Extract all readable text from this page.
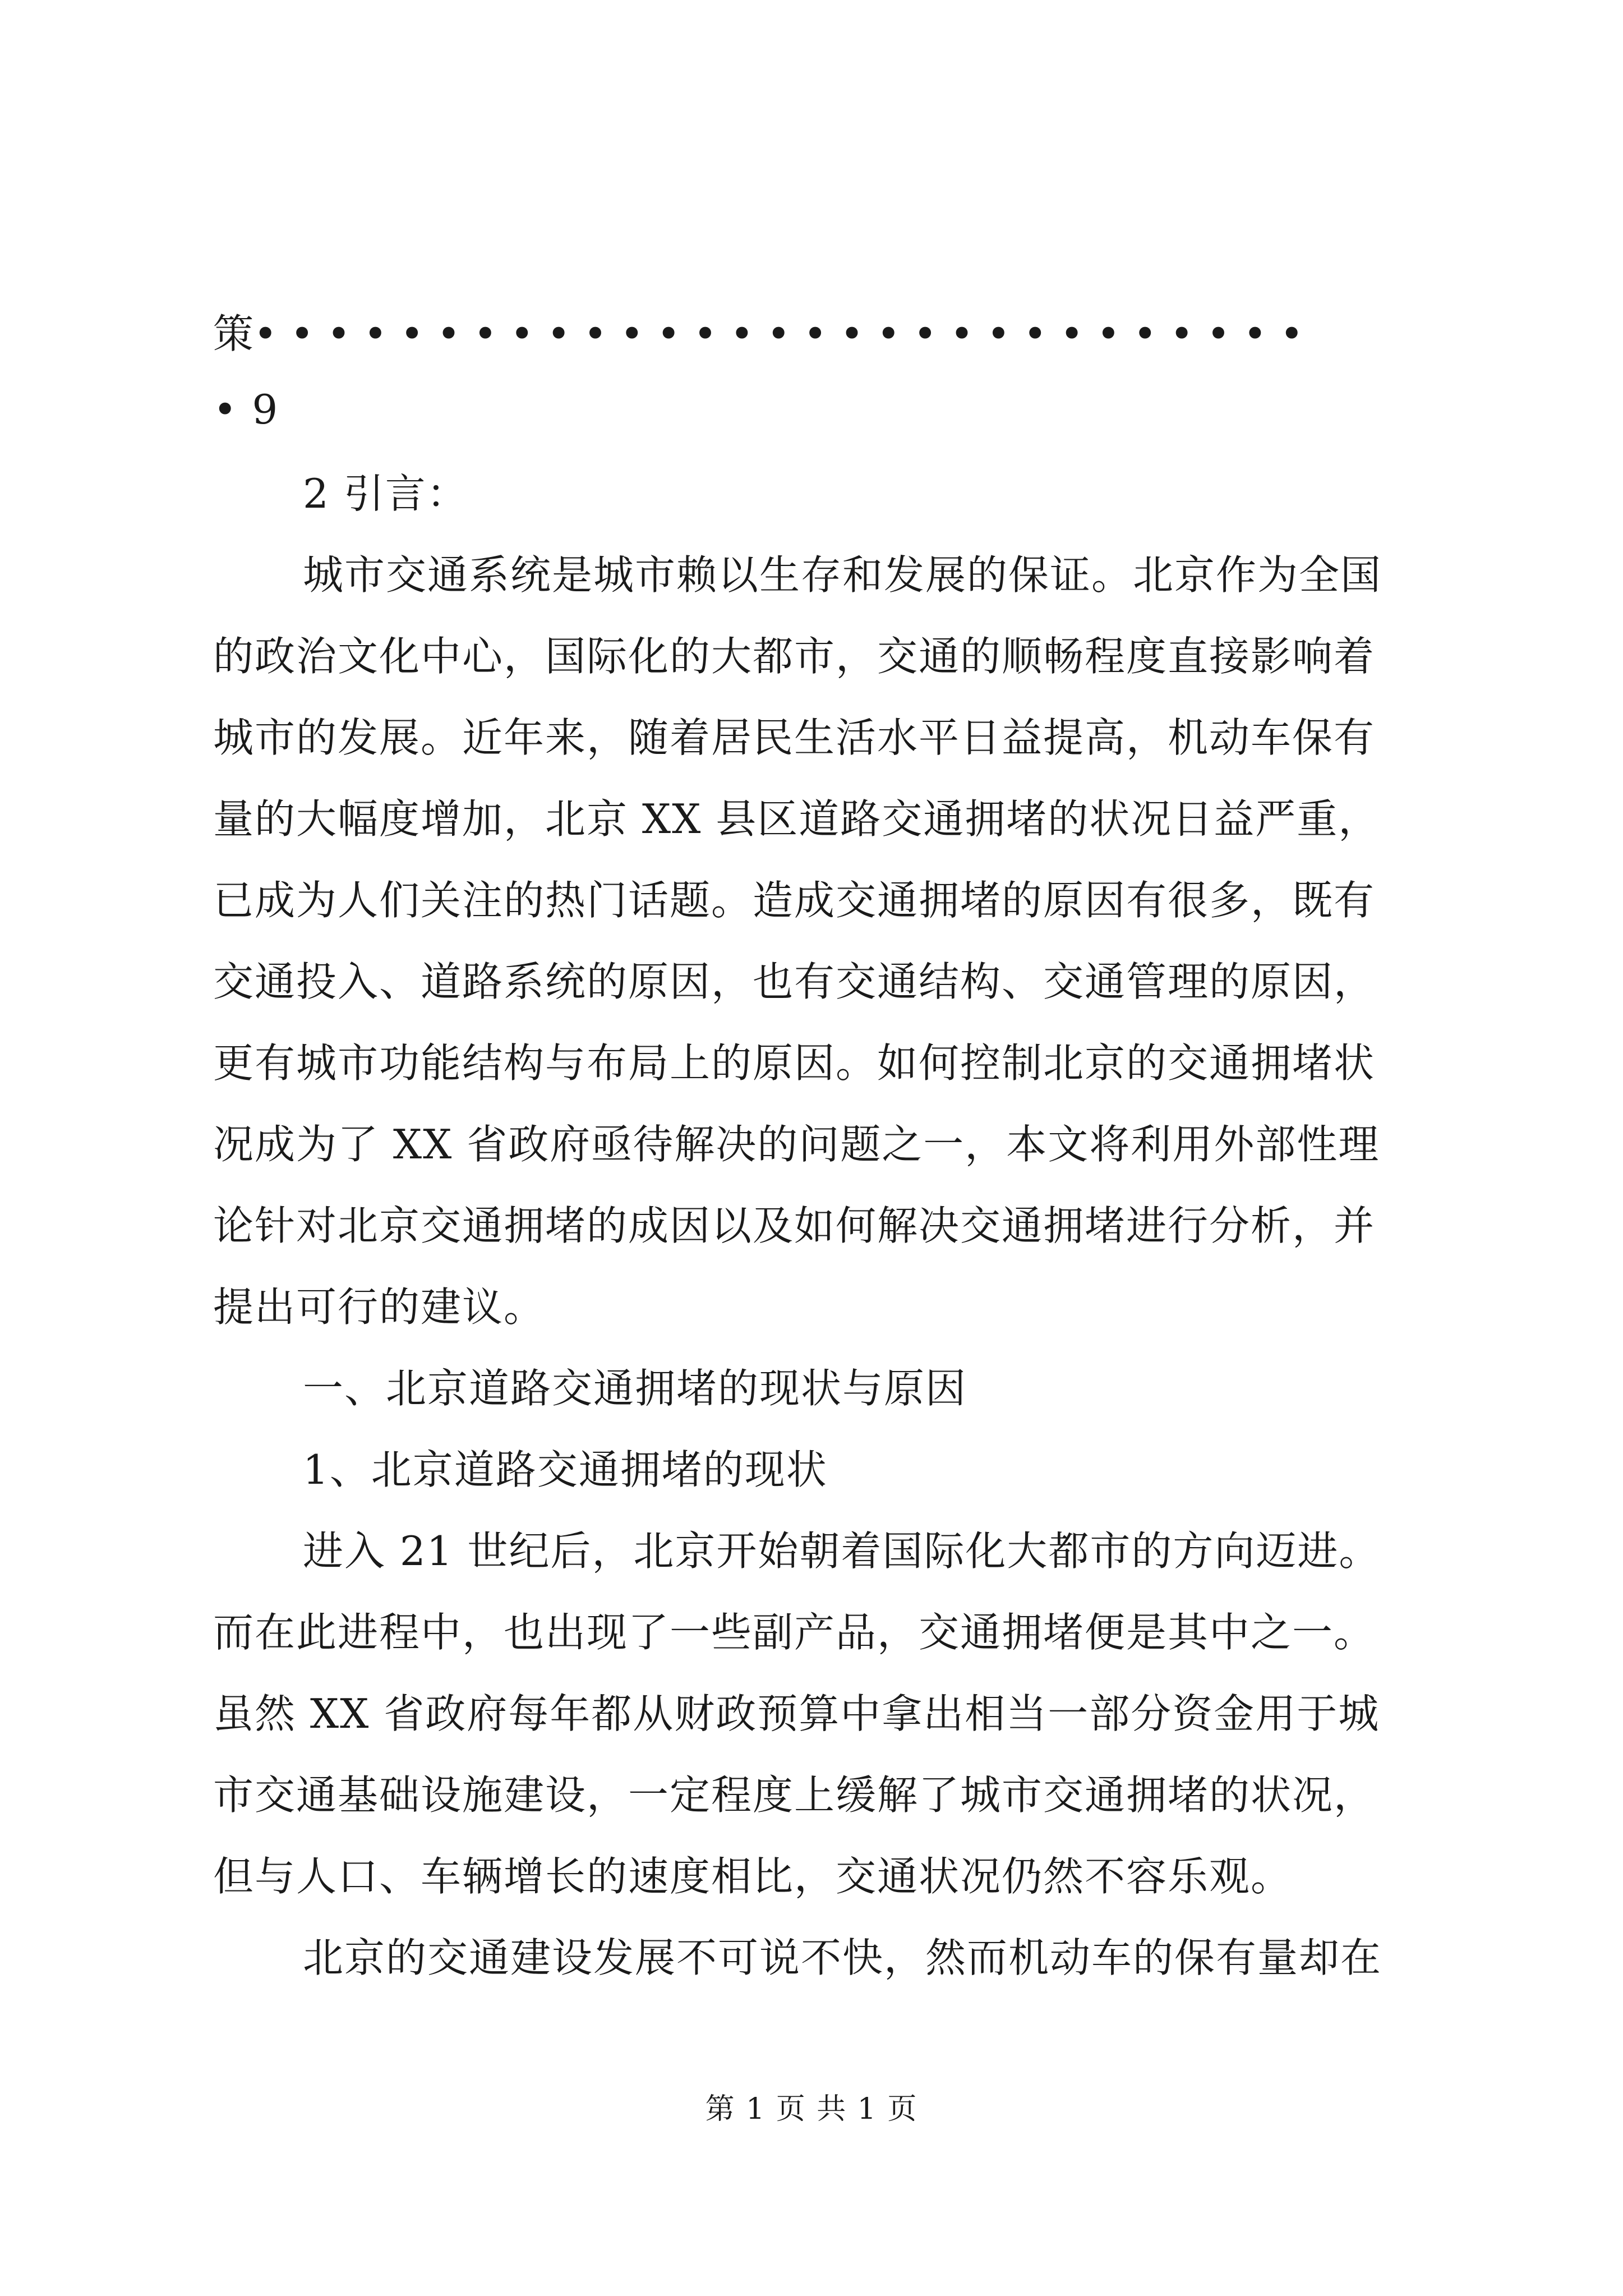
策• • • • • • • • • • • • • • • • • • • • • • • • • • • • •
• 9
2 引言：
城市交通系统是城市赖以生存和发展的保证。北京作为全国
的政治文化中心，国际化的大都市，交通的顺畅程度直接影响着
城市的发展。近年来，随着居民生活水平日益提高，机动车保有
量的大幅度增加，北京 XX 县区道路交通拥堵的状况日益严重，
已成为人们关注的热门话题。造成交通拥堵的原因有很多，既有
交通投入、道路系统的原因，也有交通结构、交通管理的原因，
更有城市功能结构与布局上的原因。如何控制北京的交通拥堵状
况成为了 XX 省政府亟待解决的问题之一，本文将利用外部性理
论针对北京交通拥堵的成因以及如何解决交通拥堵进行分析，并
提出可行的建议。
一、北京道路交通拥堵的现状与原因
1、北京道路交通拥堵的现状
进入 21 世纪后，北京开始朝着国际化大都市的方向迈进。
而在此进程中，也出现了一些副产品，交通拥堵便是其中之一。
虽然 XX 省政府每年都从财政预算中拿出相当一部分资金用于城
市交通基础设施建设，一定程度上缓解了城市交通拥堵的状况，
但与人口、车辆增长的速度相比，交通状况仍然不容乐观。
北京的交通建设发展不可说不快，然而机动车的保有量却在
第 1 页 共 1 页
